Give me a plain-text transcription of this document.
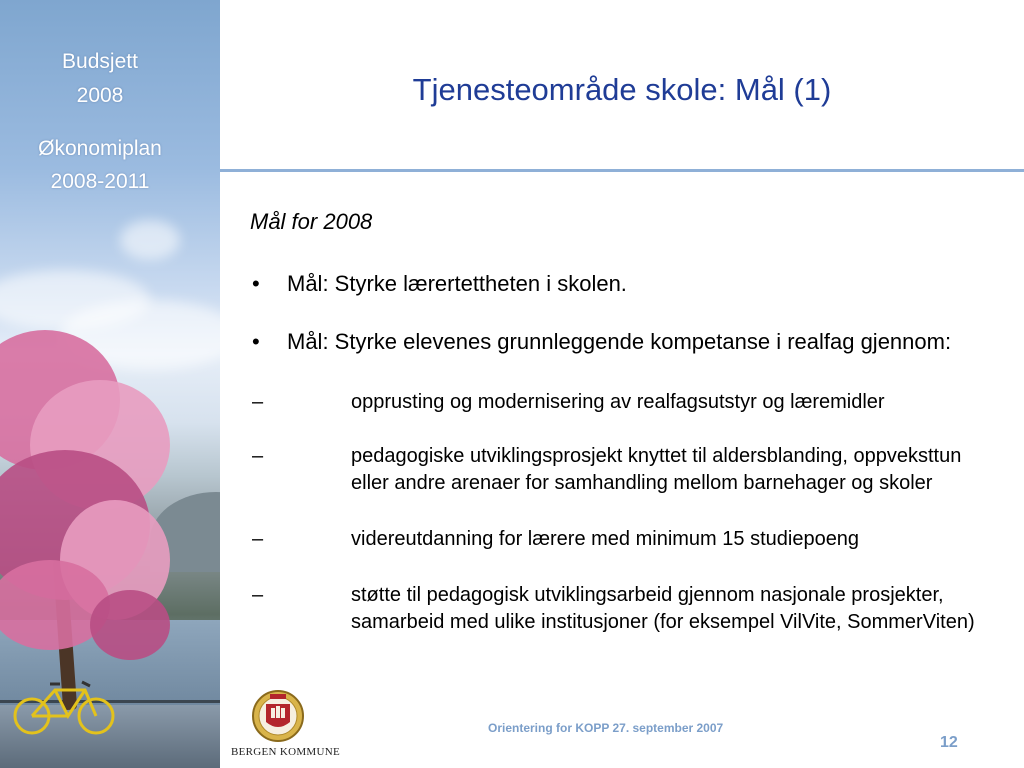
Budsjett
2008
Økonomiplan
2008-2011
Tjenesteområde skole: Mål (1)
Mål for 2008
• Mål: Styrke lærertettheten i skolen.
• Mål: Styrke elevenes grunnleggende kompetanse i realfag gjennom:
–	opprusting og modernisering av realfagsutstyr og læremidler
–	pedagogiske utviklingsprosjekt knyttet til aldersblanding, oppveksttun eller andre arenaer for samhandling mellom barnehager og skoler
–	videreutdanning for lærere med minimum 15 studiepoeng
–	støtte til pedagogisk utviklingsarbeid gjennom nasjonale prosjekter, samarbeid med ulike institusjoner (for eksempel VilVite, SommerViten)
BERGEN KOMMUNE
Orientering for KOPP 27. september 2007
12
